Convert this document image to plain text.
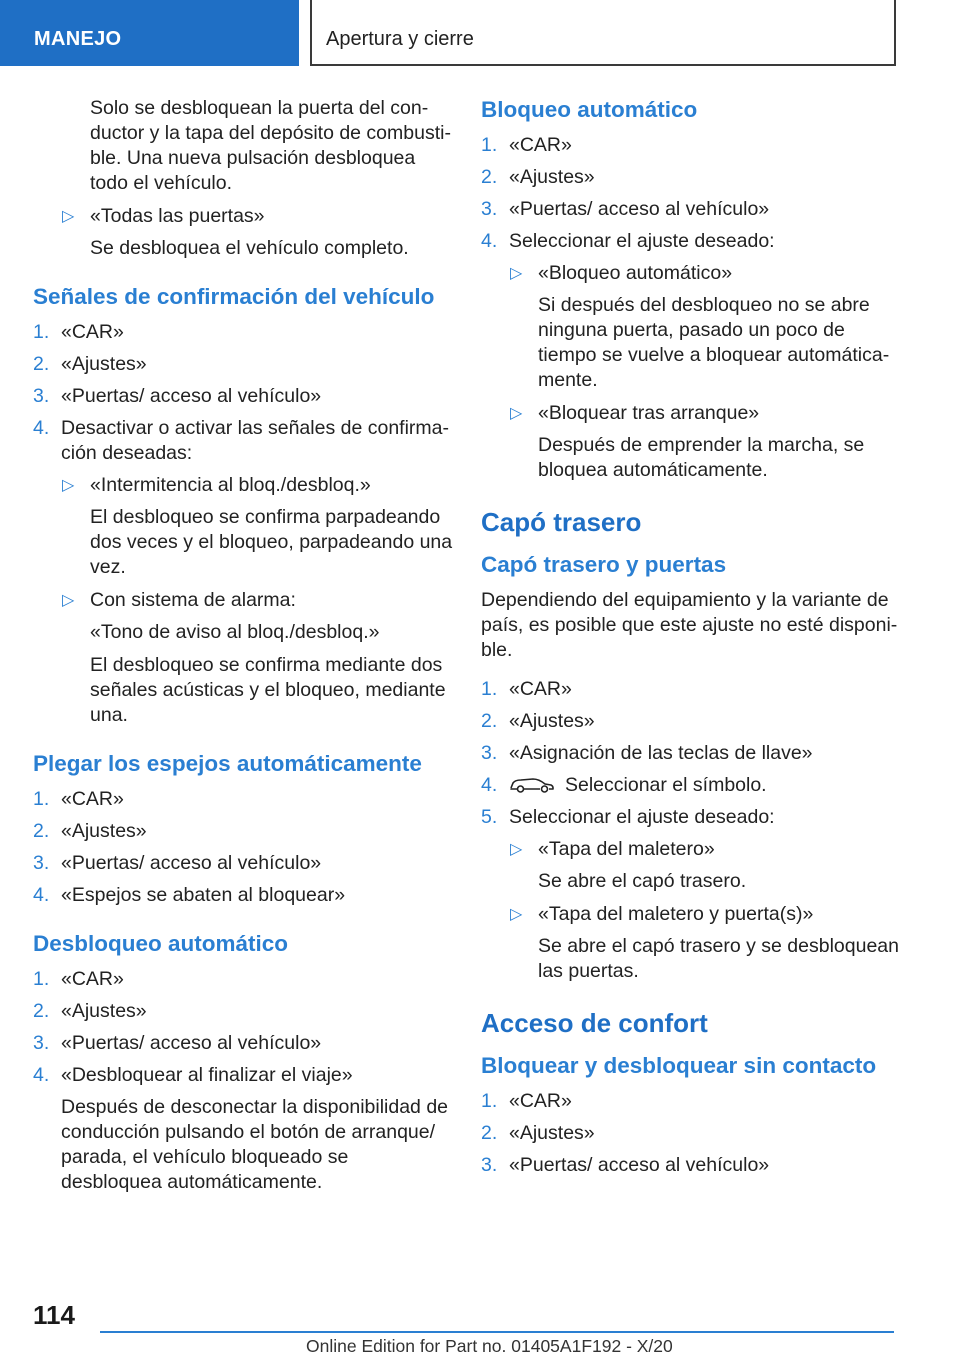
MANEJO	Apertura y cierre

Solo se desbloquean la puerta del conductor y la tapa del depósito de combustible. Una nueva pulsación desbloquea todo el vehículo.

▷ «Todas las puertas»

Se desbloquea el vehículo completo.

Señales de confirmación del vehículo
1. «CAR»
2. «Ajustes»
3. «Puertas/ acceso al vehículo»
4. Desactivar o activar las señales de confirmación deseadas:
▷ «Intermitencia al bloq./desbloq.»

El desbloqueo se confirma parpadeando dos veces y el bloqueo, parpadeando una vez.

▷ Con sistema de alarma:

«Tono de aviso al bloq./desbloq.»

El desbloqueo se confirma mediante dos señales acústicas y el bloqueo, mediante una.

Plegar los espejos automáticamente
1. «CAR»
2. «Ajustes»
3. «Puertas/ acceso al vehículo»
4. «Espejos se abaten al bloquear»
Desbloqueo automático
1. «CAR»
2. «Ajustes»
3. «Puertas/ acceso al vehículo»
4. «Desbloquear al finalizar el viaje»

Después de desconectar la disponibilidad de conducción pulsando el botón de arranque/ parada, el vehículo bloqueado se desbloquea automáticamente.

Bloqueo automático
1. «CAR»
2. «Ajustes»
3. «Puertas/ acceso al vehículo»
4. Seleccionar el ajuste deseado:
▷ «Bloqueo automático»

Si después del desbloqueo no se abre ninguna puerta, pasado un poco de tiempo se vuelve a bloquear automáticamente.

▷ «Bloquear tras arranque»

Después de emprender la marcha, se bloquea automáticamente.

Capó trasero
Capó trasero y puertas

Dependiendo del equipamiento y la variante de país, es posible que este ajuste no esté disponible.

1. «CAR»
2. «Ajustes»
3. «Asignación de las teclas de llave»
4.	Seleccionar el símbolo.
5. Seleccionar el ajuste deseado:
▷ «Tapa del maletero»

Se abre el capó trasero.

▷ «Tapa del maletero y puerta(s)»

Se abre el capó trasero y se desbloquean las puertas.

Acceso de confort
Bloquear y desbloquear sin contacto
1. «CAR»
2. «Ajustes»
3. «Puertas/ acceso al vehículo»
114
Online Edition for Part no. 01405A1F192 - X/20
